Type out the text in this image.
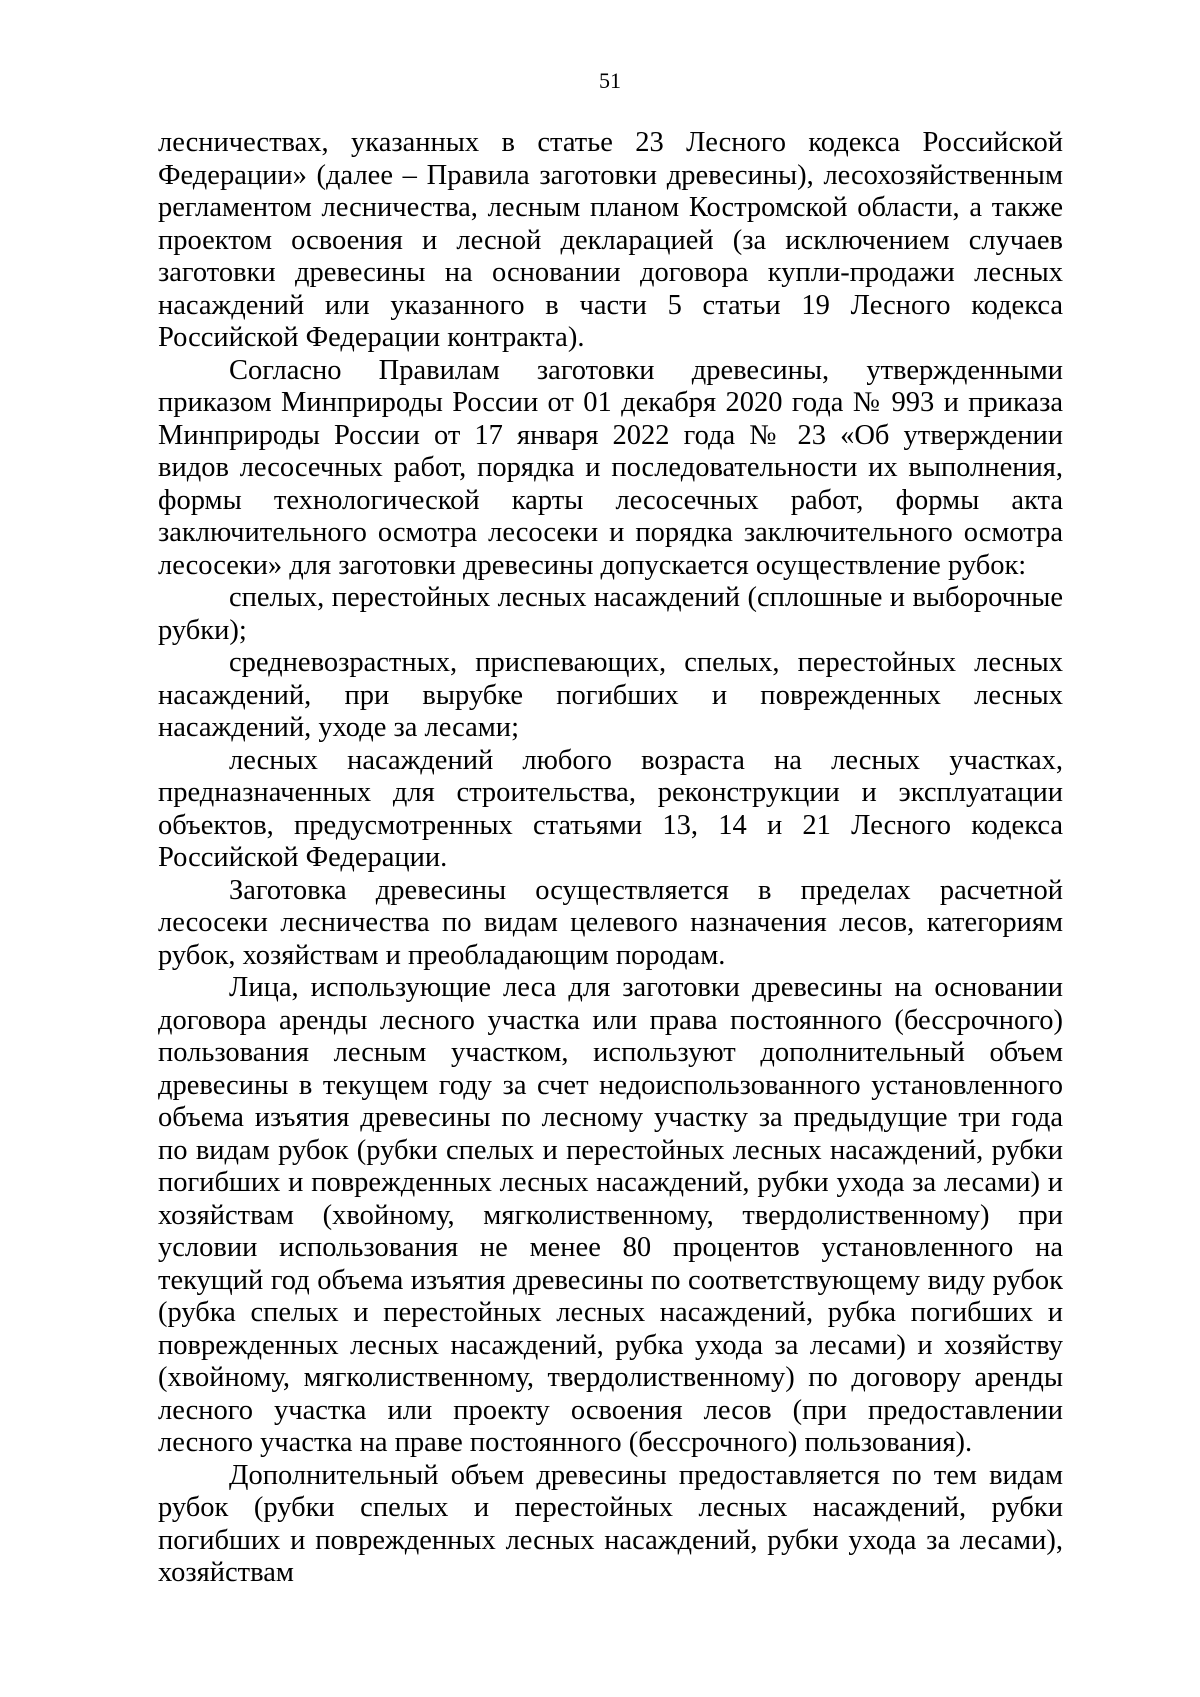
51

лесничествах, указанных в статье 23 Лесного кодекса Российской Федерации» (далее – Правила заготовки древесины), лесохозяйственным регламентом лесничества, лесным планом Костромской области, а также проектом освоения и лесной декларацией (за исключением случаев заготовки древесины на основании договора купли-продажи лесных насаждений или указанного в части 5 статьи 19 Лесного кодекса Российской Федерации контракта).

Согласно Правилам заготовки древесины, утвержденными приказом Минприроды России от 01 декабря 2020 года № 993 и приказа Минприроды России от 17 января 2022 года № 23 «Об утверждении видов лесосечных работ, порядка и последовательности их выполнения, формы технологической карты лесосечных работ, формы акта заключительного осмотра лесосеки и порядка заключительного осмотра лесосеки» для заготовки древесины допускается осуществление рубок:

спелых, перестойных лесных насаждений (сплошные и выборочные рубки);

средневозрастных, приспевающих, спелых, перестойных лесных насаждений, при вырубке погибших и поврежденных лесных насаждений, уходе за лесами;

лесных насаждений любого возраста на лесных участках, предназначенных для строительства, реконструкции и эксплуатации объектов, предусмотренных статьями 13, 14 и 21 Лесного кодекса Российской Федерации.

Заготовка древесины осуществляется в пределах расчетной лесосеки лесничества по видам целевого назначения лесов, категориям рубок, хозяйствам и преобладающим породам.

Лица, использующие леса для заготовки древесины на основании договора аренды лесного участка или права постоянного (бессрочного) пользования лесным участком, используют дополнительный объем древесины в текущем году за счет недоиспользованного установленного объема изъятия древесины по лесному участку за предыдущие три года по видам рубок (рубки спелых и перестойных лесных насаждений, рубки погибших и поврежденных лесных насаждений, рубки ухода за лесами) и хозяйствам (хвойному, мягколиственному, твердолиственному) при условии использования не менее 80 процентов установленного на текущий год объема изъятия древесины по соответствующему виду рубок (рубка спелых и перестойных лесных насаждений, рубка погибших и поврежденных лесных насаждений, рубка ухода за лесами) и хозяйству (хвойному, мягколиственному, твердолиственному) по договору аренды лесного участка или проекту освоения лесов (при предоставлении лесного участка на праве постоянного (бессрочного) пользования).

Дополнительный объем древесины предоставляется по тем видам рубок (рубки спелых и перестойных лесных насаждений, рубки погибших и поврежденных лесных насаждений, рубки ухода за лесами), хозяйствам
